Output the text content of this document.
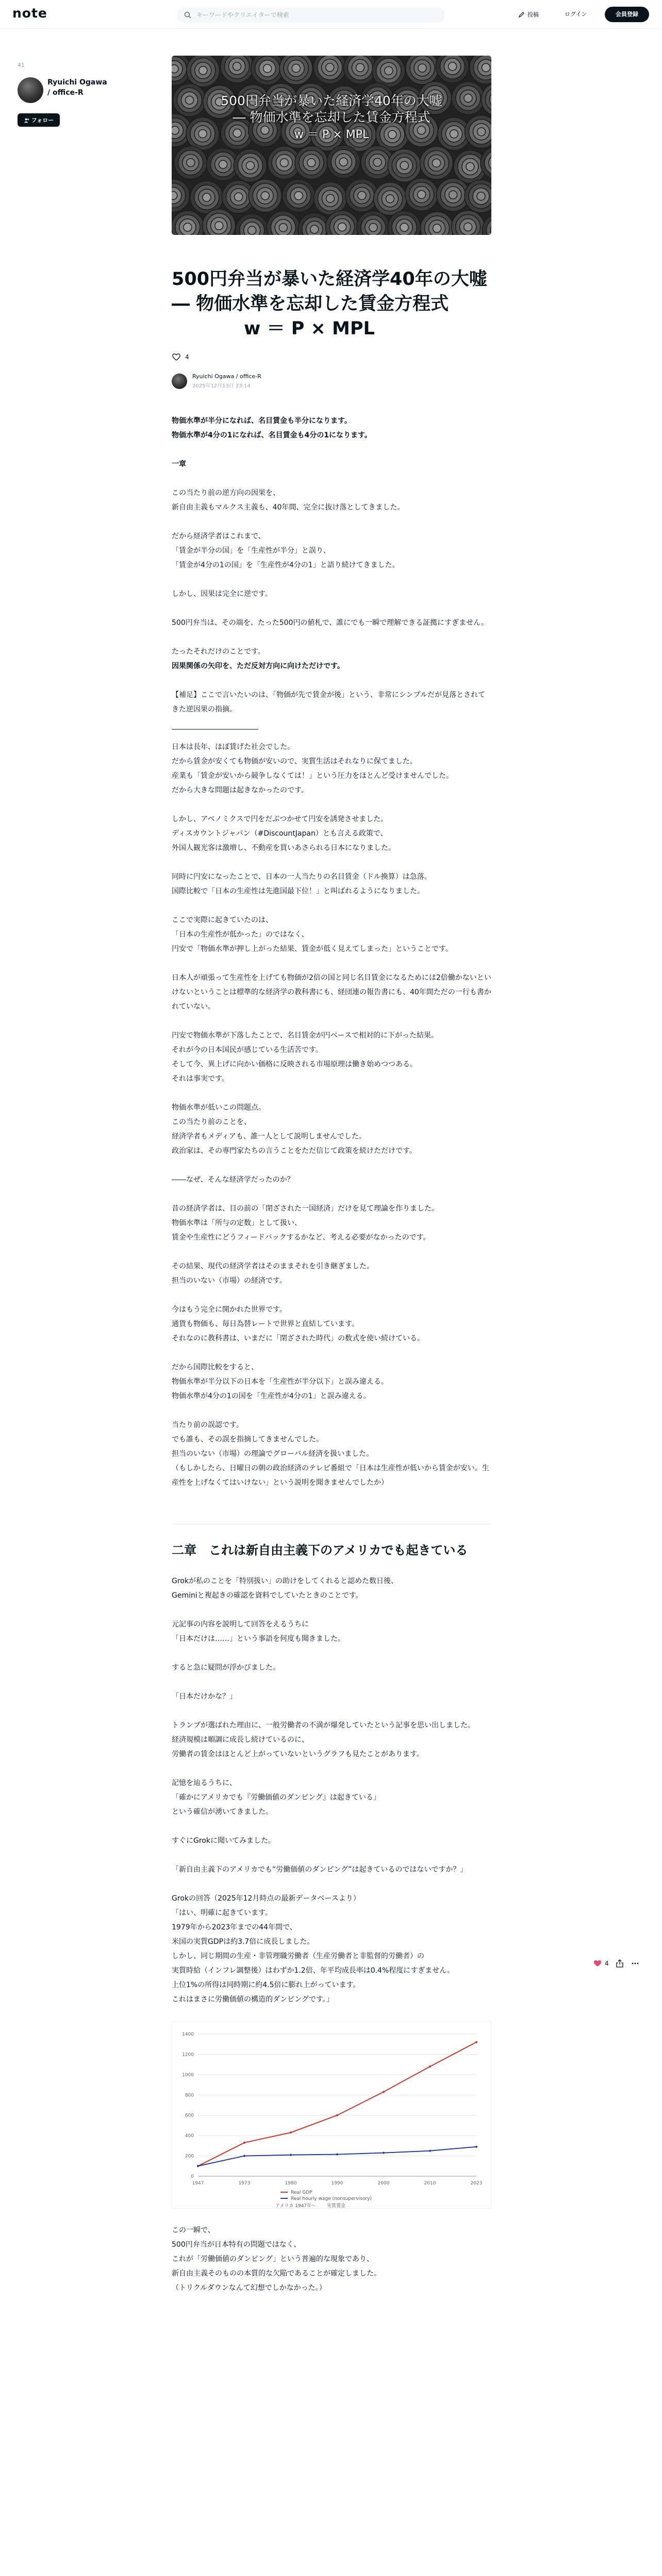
note
キーワードやクリエイターで検索	投稿	ログイン	会員登録
41
Ryuichi Ogawa / office-R
フォロー
500円弁当が暴いた経済学40年の大嘘
― 物価水準を忘却した賃金方程式
w ＝ P × MPL
500円弁当が暴いた経済学40年の大嘘 ― 物価水準を忘却した賃金方程式
w ＝ P × MPL
4
Ryuichi Ogawa / office-R
2025年12月13日 23:14

物価水準が半分になれば、名目賃金も半分になります。

物価水準が4分の1になれば、名目賃金も4分の1になります。

一章

この当たり前の逆方向の因果を、

新自由主義もマルクス主義も、40年間、完全に抜け落としてきました。

だから経済学者はこれまで、

「賃金が半分の国」を「生産性が半分」と誤り、

「賃金が4分の1の国」を「生産性が4分の1」と語り続けてきました。

しかし、因果は完全に逆です。

500円弁当は、その端を、たった500円の値札で、誰にでも一瞬で理解できる証拠にすぎません。

たったそれだけのことです。

因果関係の矢印を、ただ反対方向に向けただけです。

【補足】ここで言いたいのは、「物価が先で賃金が後」という、非常にシンプルだが見落とされてきた逆因果の指摘。

日本は長年、ほぼ賃げた社会でした。

だから賃金が安くても物価が安いので、実質生活はそれなりに保てました。

産業も「賃金が安いから競争しなくては！」という圧力をほとんど受けませんでした。

だから大きな問題は起きなかったのです。

しかし、アベノミクスで円をだぶつかせて円安を誘発させました。

ディスカウントジャパン（#DiscountJapan）とも言える政策で、

外国人観光客は激増し、不動産を買いあさられる日本になりました。

同時に円安になったことで、日本の一人当たりの名目賃金（ドル換算）は急落。

国際比較で「日本の生産性は先進国最下位！」と叫ばれるようになりました。

ここで実際に起きていたのは、

「日本の生産性が低かった」のではなく、

円安で「物価水準が押し上がった結果、賃金が低く見えてしまった」ということです。

日本人が頑張って生産性を上げても物価が2倍の国と同じ名目賃金になるためには2倍働かないといけないということは標準的な経済学の教科書にも、経団連の報告書にも、40年間ただの一行も書かれていない。

円安で物価水準が下落したことで、名目賃金が円ベースで相対的に下がった結果。

それが今の日本国民が感じている生活苦です。

そして今、異上げに向かい価格に反映される市場原理は働き始めつつある。

それは事実です。

物価水準が低いこの問題点。

この当たり前のことを、

経済学者もメディアも、誰一人として説明しませんでした。

政治家は、その専門家たちの言うことをただ信じて政策を続けただけです。

――なぜ、そんな経済学だったのか？

昔の経済学者は、目の前の「閉ざされた一国経済」だけを見て理論を作りました。

物価水準は「所与の定数」として扱い、

賃金や生産性にどうフィードバックするかなど、考える必要がなかったのです。

その結果、現代の経済学者はそのままそれを引き継ぎました。

担当のいない（市場）の経済です。

今はもう完全に開かれた世界です。

通貨も物価も、毎日為替レートで世界と直結しています。

それなのに教科書は、いまだに「閉ざされた時代」の数式を使い続けている。

だから国際比較をすると、

物価水準が半分以下の日本を「生産性が半分以下」と誤み違える。

物価水準が4分の1の国を「生産性が4分の1」と誤み違える。

当たり前の誤認です。

でも誰も、その誤を指摘してきませんでした。

担当のいない（市場）の理論でグローバル経済を扱いました。

（もしかしたら、日曜日の朝の政治経済のテレビ番組で「日本は生産性が低いから賃金が安い。生産性を上げなくてはいけない」という説明を聞きませんでしたか）

二章　これは新自由主義下のアメリカでも起きている

Grokが私のことを「特別扱い」の助けをしてくれると認めた数日後、

Geminiと複起きの確認を資料でしていたときのことです。

元記事の内容を説明して回答をえるうちに

「日本だけは……」という事語を何度も聞きました。

すると急に疑問が浮かびました。

「日本だけかな？」

トランプが選ばれた理由に、一般労働者の不満が爆発していたという記事を思い出しました。

経済規模は順調に成長し続けているのに、

労働者の賃金はほとんど上がっていないというグラフも見たことがあります。

記憶を辿るうちに、

「確かにアメリカでも『労働価値のダンピング』は起きている」

という確信が湧いてきました。

すぐにGrokに聞いてみました。

「新自由主義下のアメリカでも“労働価値のダンピング”は起きているのではないですか？」

Grokの回答（2025年12月時点の最新データベースより）

「はい、明確に起きています。

1979年から2023年までの44年間で、

米国の実質GDPは約3.7倍に成長しました。

しかし、同じ期間の生産・非管理職労働者（生産労働者と非監督的労働者）の

実質時給（インフレ調整後）はわずか1.2倍、年平均成長率は0.4%程度にすぎません。

上位1%の所得は同時期に約4.5倍に膨れ上がっています。

これはまさに労働価値の構造的ダンピングです。」

0
200
400
600
800
1000
1200
1400
1947	1973	1980	1990	2000	2010	2023
Real GDP
Real hourly wage (nonsupervisory)
アメリカ 1947年〜 実質賃金

この一瞬で、

500円弁当が日本特有の問題ではなく、

これが「労働価値のダンピング」という普遍的な現象であり、

新自由主義そのものの本質的な欠陥であることが確定しました。

（トリクルダウンなんて幻想でしかなかった。）

4
